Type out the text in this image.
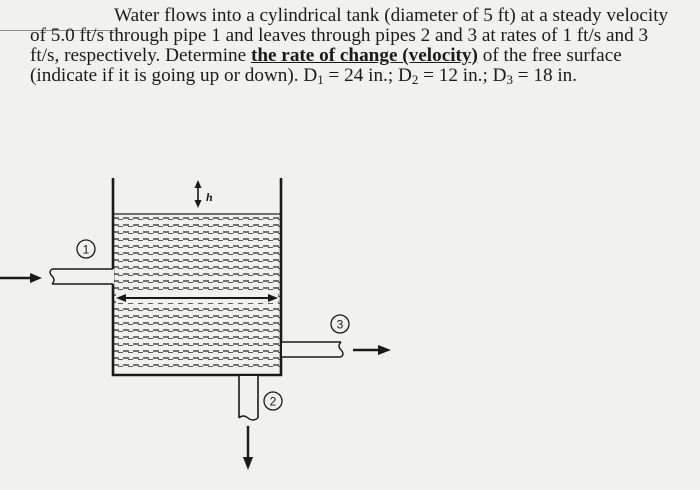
Water flows into a cylindrical tank (diameter of 5 ft) at a steady velocity
of 5.0 ft/s through pipe 1 and leaves through pipes 2 and 3 at rates of 1 ft/s and 3
ft/s, respectively. Determine the rate of change (velocity) of the free surface
(indicate if it is going up or down). $D_1 = 24$ in.; $D_2 = 12$ in.; $D_3 = 18$ in.
h
1
2
3
